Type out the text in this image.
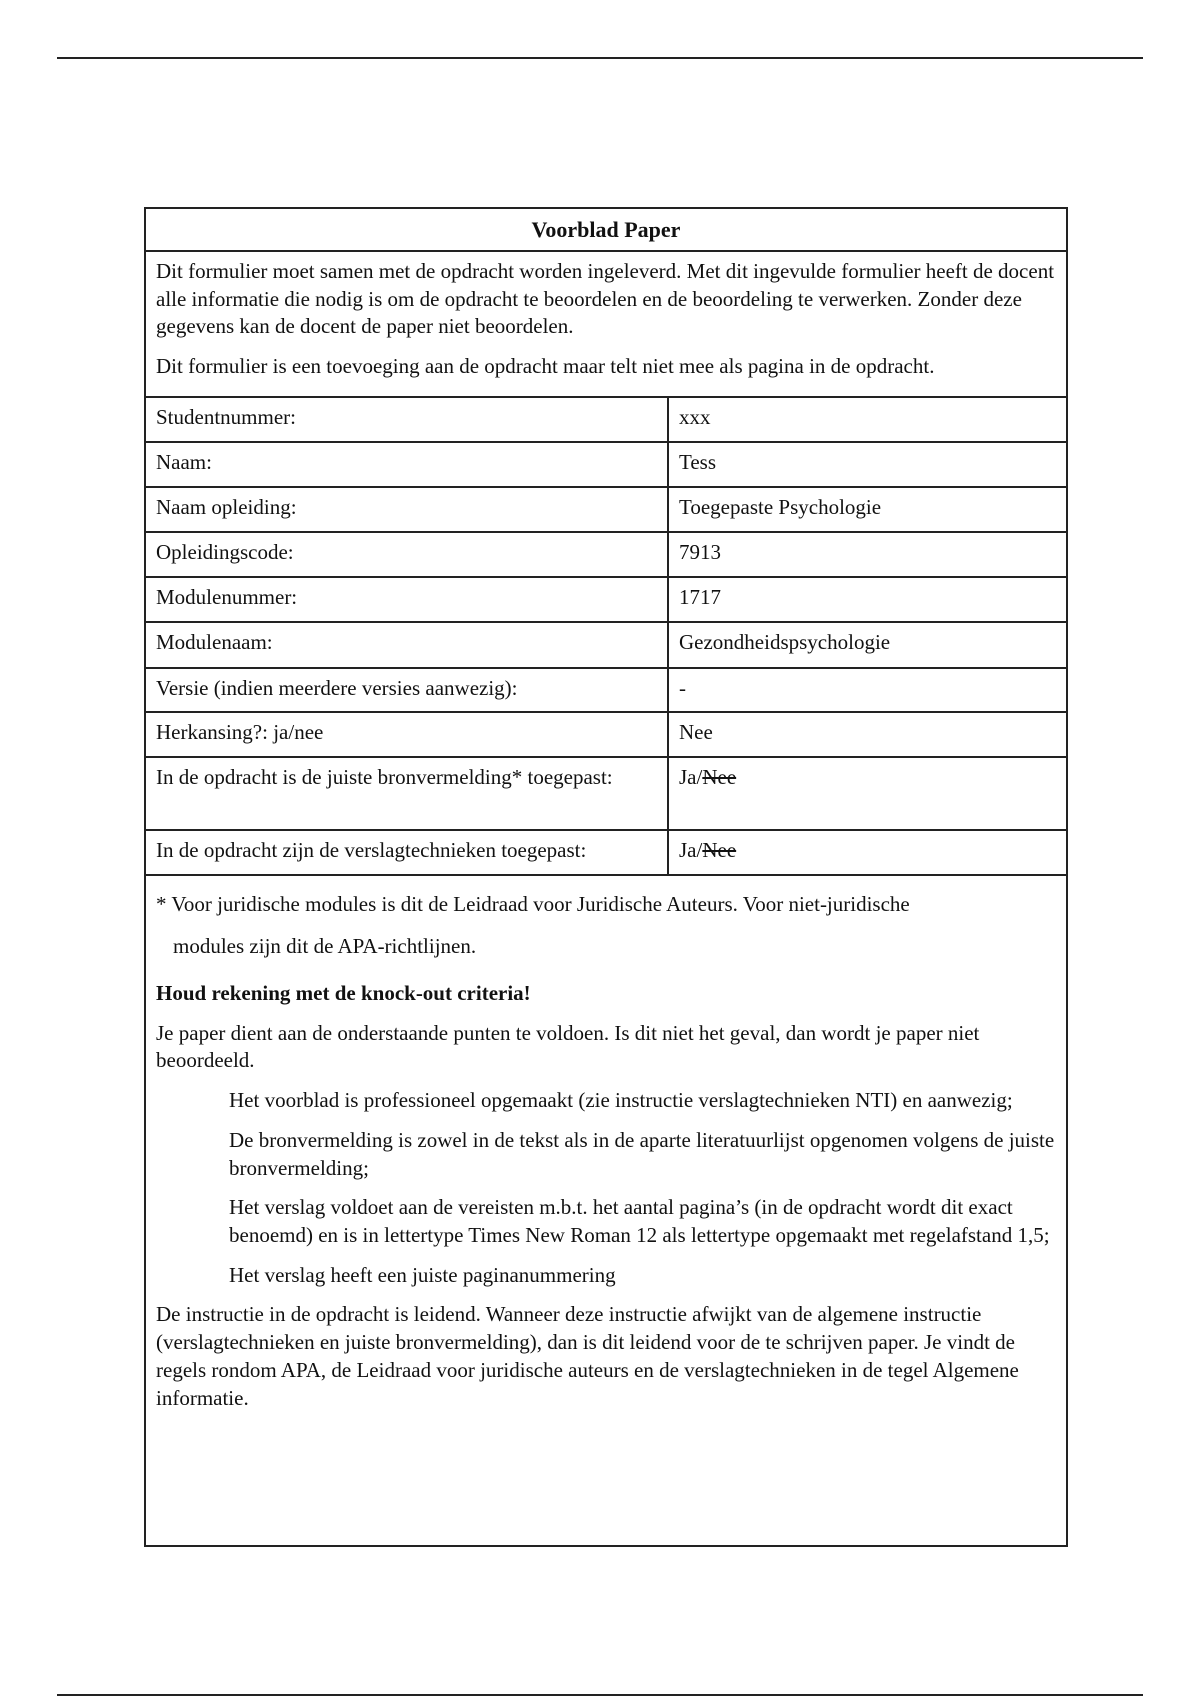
Voorblad Paper

Dit formulier moet samen met de opdracht worden ingeleverd. Met dit ingevulde formulier heeft de docent alle informatie die nodig is om de opdracht te beoordelen en de beoordeling te verwerken. Zonder deze gegevens kan de docent de paper niet beoordelen.

Dit formulier is een toevoeging aan de opdracht maar telt niet mee als pagina in de opdracht.

Studentnummer:	xxx
Naam:	Tess
Naam opleiding:	Toegepaste Psychologie
Opleidingscode:	7913
Modulenummer:	1717
Modulenaam:	Gezondheidspsychologie
Versie (indien meerdere versies aanwezig):	-
Herkansing?: ja/nee	Nee
In de opdracht is de juiste bronvermelding* toegepast:	Ja/Nee
In de opdracht zijn de verslagtechnieken toegepast:	Ja/Nee

* Voor juridische modules is dit de Leidraad voor Juridische Auteurs. Voor niet-juridische
modules zijn dit de APA-richtlijnen.

Houd rekening met de knock-out criteria!

Je paper dient aan de onderstaande punten te voldoen. Is dit niet het geval, dan wordt je paper niet beoordeeld.

Het voorblad is professioneel opgemaakt (zie instructie verslagtechnieken NTI) en aanwezig;
De bronvermelding is zowel in de tekst als in de aparte literatuurlijst opgenomen volgens de juiste bronvermelding;
Het verslag voldoet aan de vereisten m.b.t. het aantal pagina’s (in de opdracht wordt dit exact benoemd) en is in lettertype Times New Roman 12 als lettertype opgemaakt met regelafstand 1,5;
Het verslag heeft een juiste paginanummering

De instructie in de opdracht is leidend. Wanneer deze instructie afwijkt van de algemene instructie (verslagtechnieken en juiste bronvermelding), dan is dit leidend voor de te schrijven paper. Je vindt de regels rondom APA, de Leidraad voor juridische auteurs en de verslagtechnieken in de tegel Algemene informatie.
